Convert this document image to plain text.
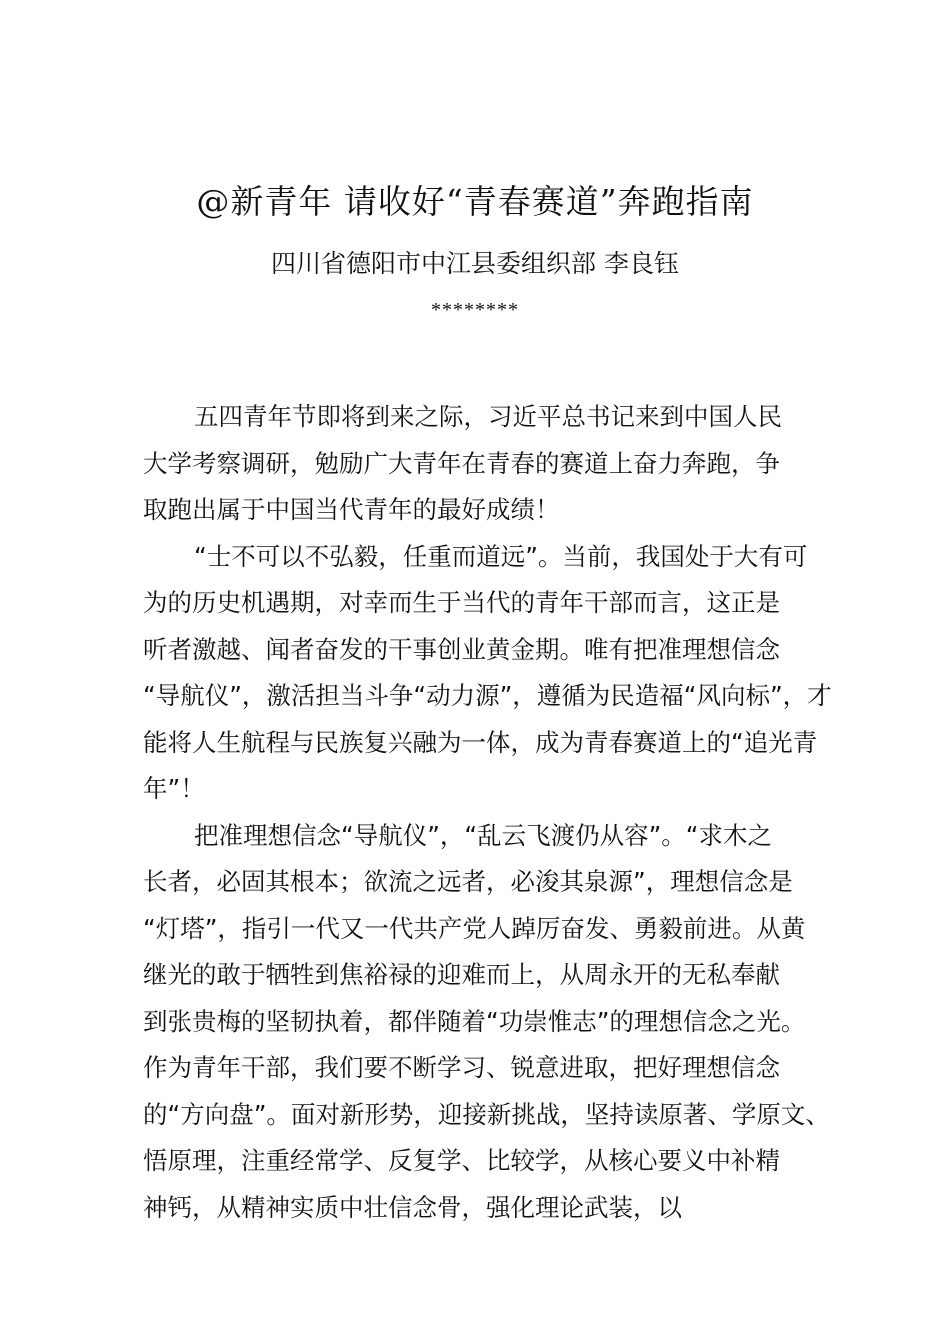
@新青年 请收好“青春赛道”奔跑指南
四川省德阳市中江县委组织部 李良钰
********

五四青年节即将到来之际，习近平总书记来到中国人民
大学考察调研，勉励广大青年在青春的赛道上奋力奔跑，争
取跑出属于中国当代青年的最好成绩！

“士不可以不弘毅，任重而道远”。当前，我国处于大有可
为的历史机遇期，对幸而生于当代的青年干部而言，这正是
听者激越、闻者奋发的干事创业黄金期。唯有把准理想信念
“导航仪”，激活担当斗争“动力源”，遵循为民造福“风向标”，才
能将人生航程与民族复兴融为一体，成为青春赛道上的“追光青
年”！

把准理想信念“导航仪”，“乱云飞渡仍从容”。“求木之
长者，必固其根本；欲流之远者，必浚其泉源”，理想信念是
“灯塔”，指引一代又一代共产党人踔厉奋发、勇毅前进。从黄
继光的敢于牺牲到焦裕禄的迎难而上，从周永开的无私奉献
到张贵梅的坚韧执着，都伴随着“功崇惟志”的理想信念之光。
作为青年干部，我们要不断学习、锐意进取，把好理想信念
的“方向盘”。面对新形势，迎接新挑战，坚持读原著、学原文、
悟原理，注重经常学、反复学、比较学，从核心要义中补精
神钙，从精神实质中壮信念骨，强化理论武装，以
